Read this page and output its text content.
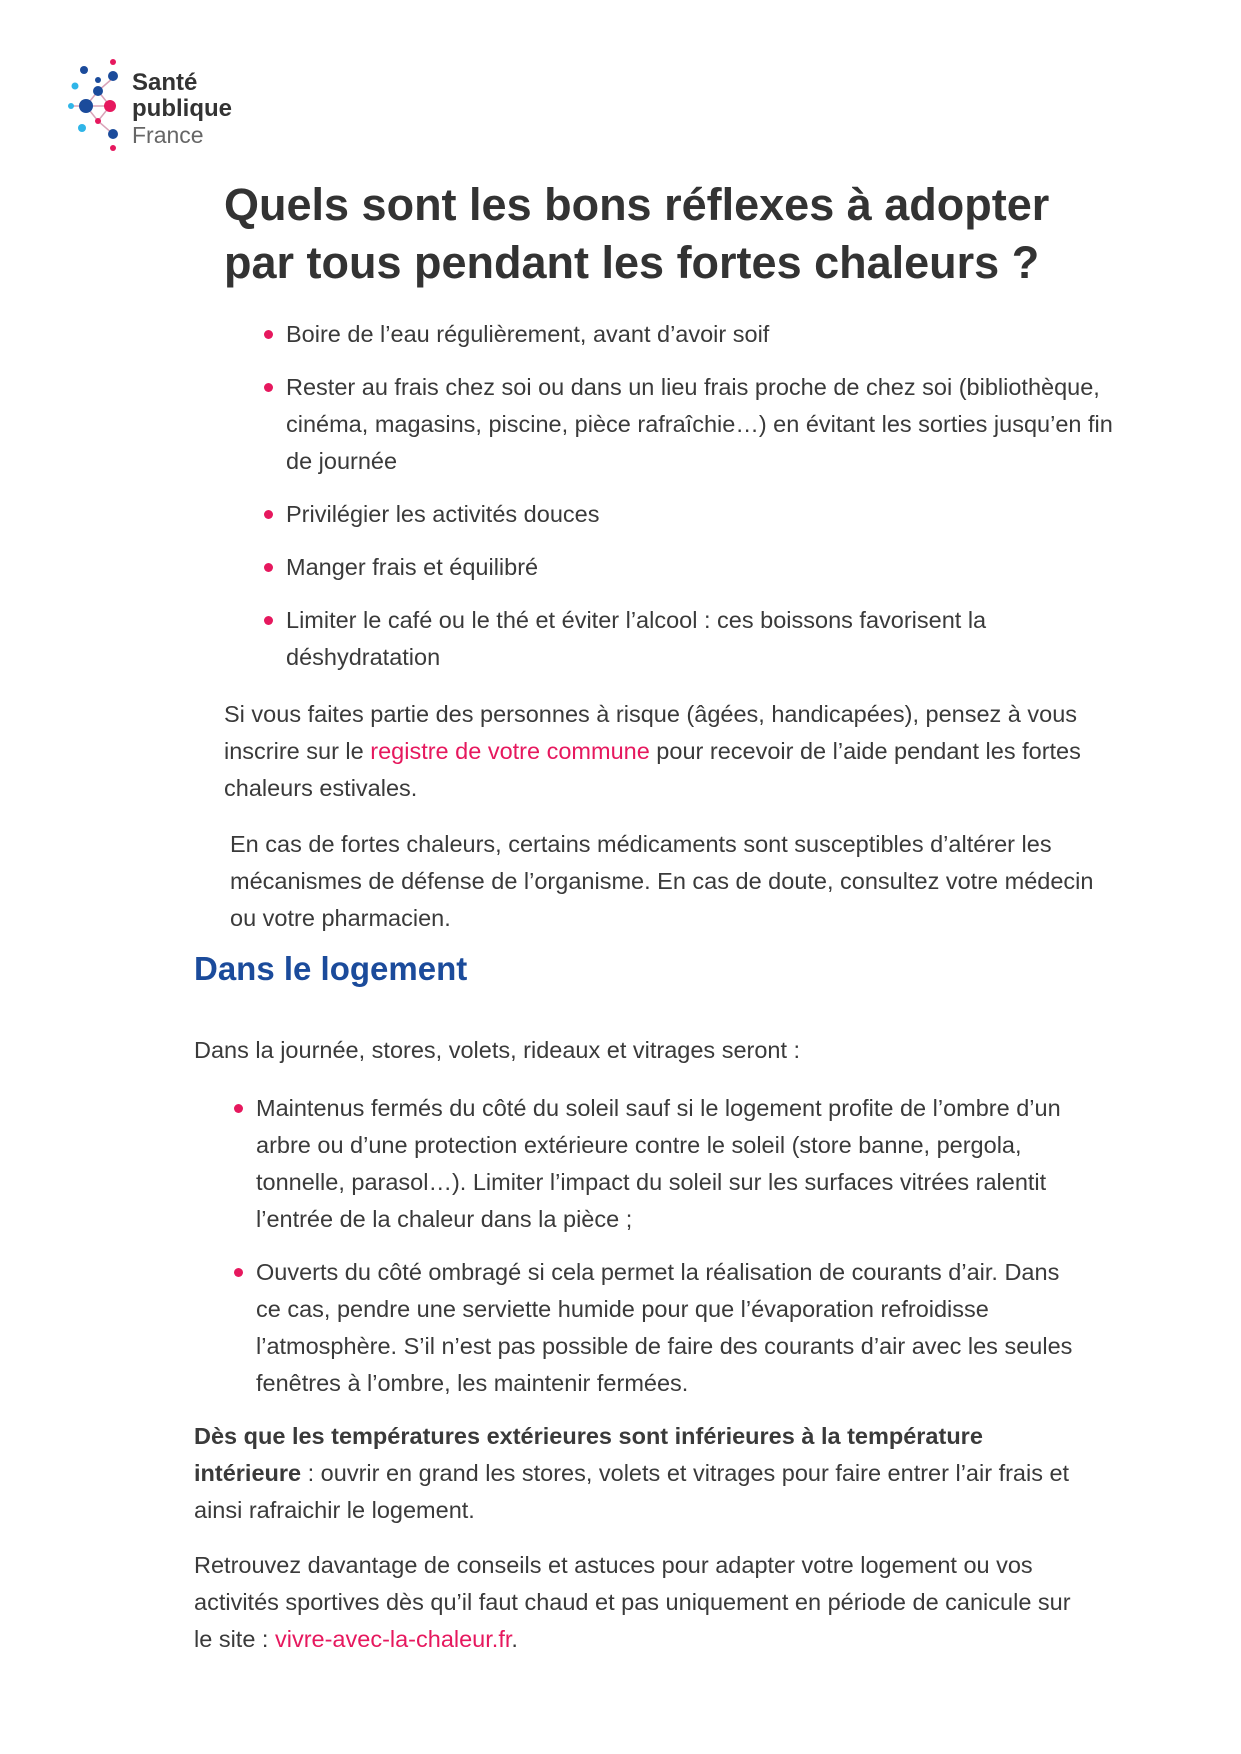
Santé
publique
France
Quels sont les bons réflexes à adopter par tous pendant les fortes chaleurs ?
Boire de l’eau régulièrement, avant d’avoir soif
Rester au frais chez soi ou dans un lieu frais proche de chez soi (bibliothèque, cinéma, magasins, piscine, pièce rafraîchie…) en évitant les sorties jusqu’en fin de journée
Privilégier les activités douces
Manger frais et équilibré
Limiter le café ou le thé et éviter l’alcool : ces boissons favorisent la déshydratation

Si vous faites partie des personnes à risque (âgées, handicapées), pensez à vous inscrire sur le registre de votre commune pour recevoir de l’aide pendant les fortes chaleurs estivales.

En cas de fortes chaleurs, certains médicaments sont susceptibles d’altérer les mécanismes de défense de l’organisme. En cas de doute, consultez votre médecin ou votre pharmacien.

Dans le logement

Dans la journée, stores, volets, rideaux et vitrages seront :

Maintenus fermés du côté du soleil sauf si le logement profite de l’ombre d’un arbre ou d’une protection extérieure contre le soleil (store banne, pergola, tonnelle, parasol…). Limiter l’impact du soleil sur les surfaces vitrées ralentit l’entrée de la chaleur dans la pièce ;
Ouverts du côté ombragé si cela permet la réalisation de courants d’air. Dans ce cas, pendre une serviette humide pour que l’évaporation refroidisse l’atmosphère. S’il n’est pas possible de faire des courants d’air avec les seules fenêtres à l’ombre, les maintenir fermées.

Dès que les températures extérieures sont inférieures à la température intérieure : ouvrir en grand les stores, volets et vitrages pour faire entrer l’air frais et ainsi rafraichir le logement.

Retrouvez davantage de conseils et astuces pour adapter votre logement ou vos activités sportives dès qu’il faut chaud et pas uniquement en période de canicule sur le site : vivre-avec-la-chaleur.fr.
